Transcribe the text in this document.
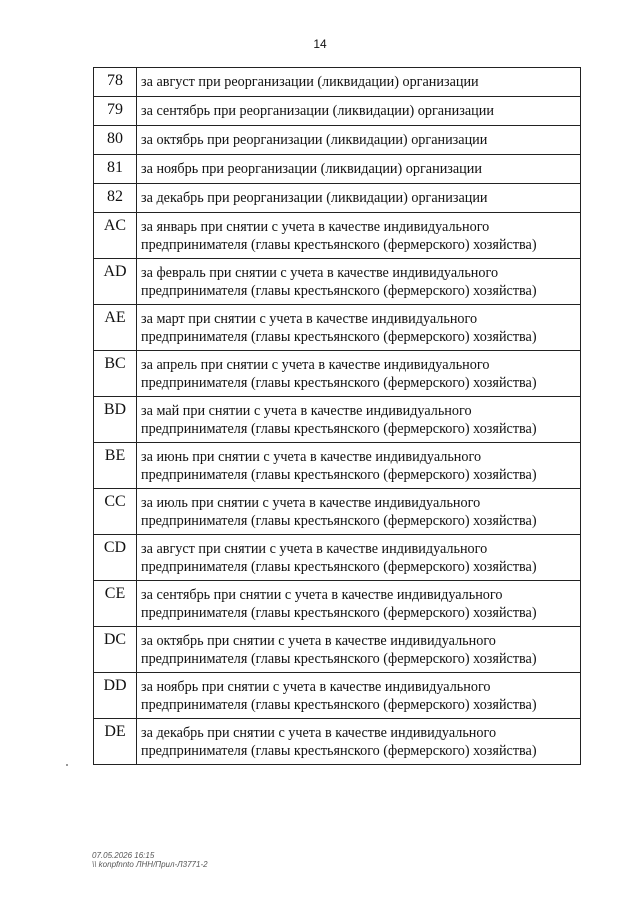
14
78	за август при реорганизации (ликвидации) организации

79	за сентябрь при реорганизации (ликвидации) организации

80	за октябрь при реорганизации (ликвидации) организации

81	за ноябрь при реорганизации (ликвидации) организации

82	за декабрь при реорганизации (ликвидации) организации

AC	за январь при снятии с учета в качестве индивидуального
предпринимателя (главы крестьянского (фермерского) хозяйства)

AD	за февраль при снятии с учета в качестве индивидуального
предпринимателя (главы крестьянского (фермерского) хозяйства)

AE	за март при снятии с учета в качестве индивидуального
предпринимателя (главы крестьянского (фермерского) хозяйства)

BC	за апрель при снятии с учета в качестве индивидуального
предпринимателя (главы крестьянского (фермерского) хозяйства)

BD	за май при снятии с учета в качестве индивидуального
предпринимателя (главы крестьянского (фермерского) хозяйства)

BE	за июнь при снятии с учета в качестве индивидуального
предпринимателя (главы крестьянского (фермерского) хозяйства)

CC	за июль при снятии с учета в качестве индивидуального
предпринимателя (главы крестьянского (фермерского) хозяйства)

CD	за август при снятии с учета в качестве индивидуального
предпринимателя (главы крестьянского (фермерского) хозяйства)

CE	за сентябрь при снятии с учета в качестве индивидуального
предпринимателя (главы крестьянского (фермерского) хозяйства)

DC	за октябрь при снятии с учета в качестве индивидуального
предпринимателя (главы крестьянского (фермерского) хозяйства)

DD	за ноябрь при снятии с учета в качестве индивидуального
предпринимателя (главы крестьянского (фермерского) хозяйства)

DE	за декабрь при снятии с учета в качестве индивидуального
предпринимателя (главы крестьянского (фермерского) хозяйства)
07.05.2026 16:15
\\ konpfnnto ЛНН/Прил-Л3771-2
